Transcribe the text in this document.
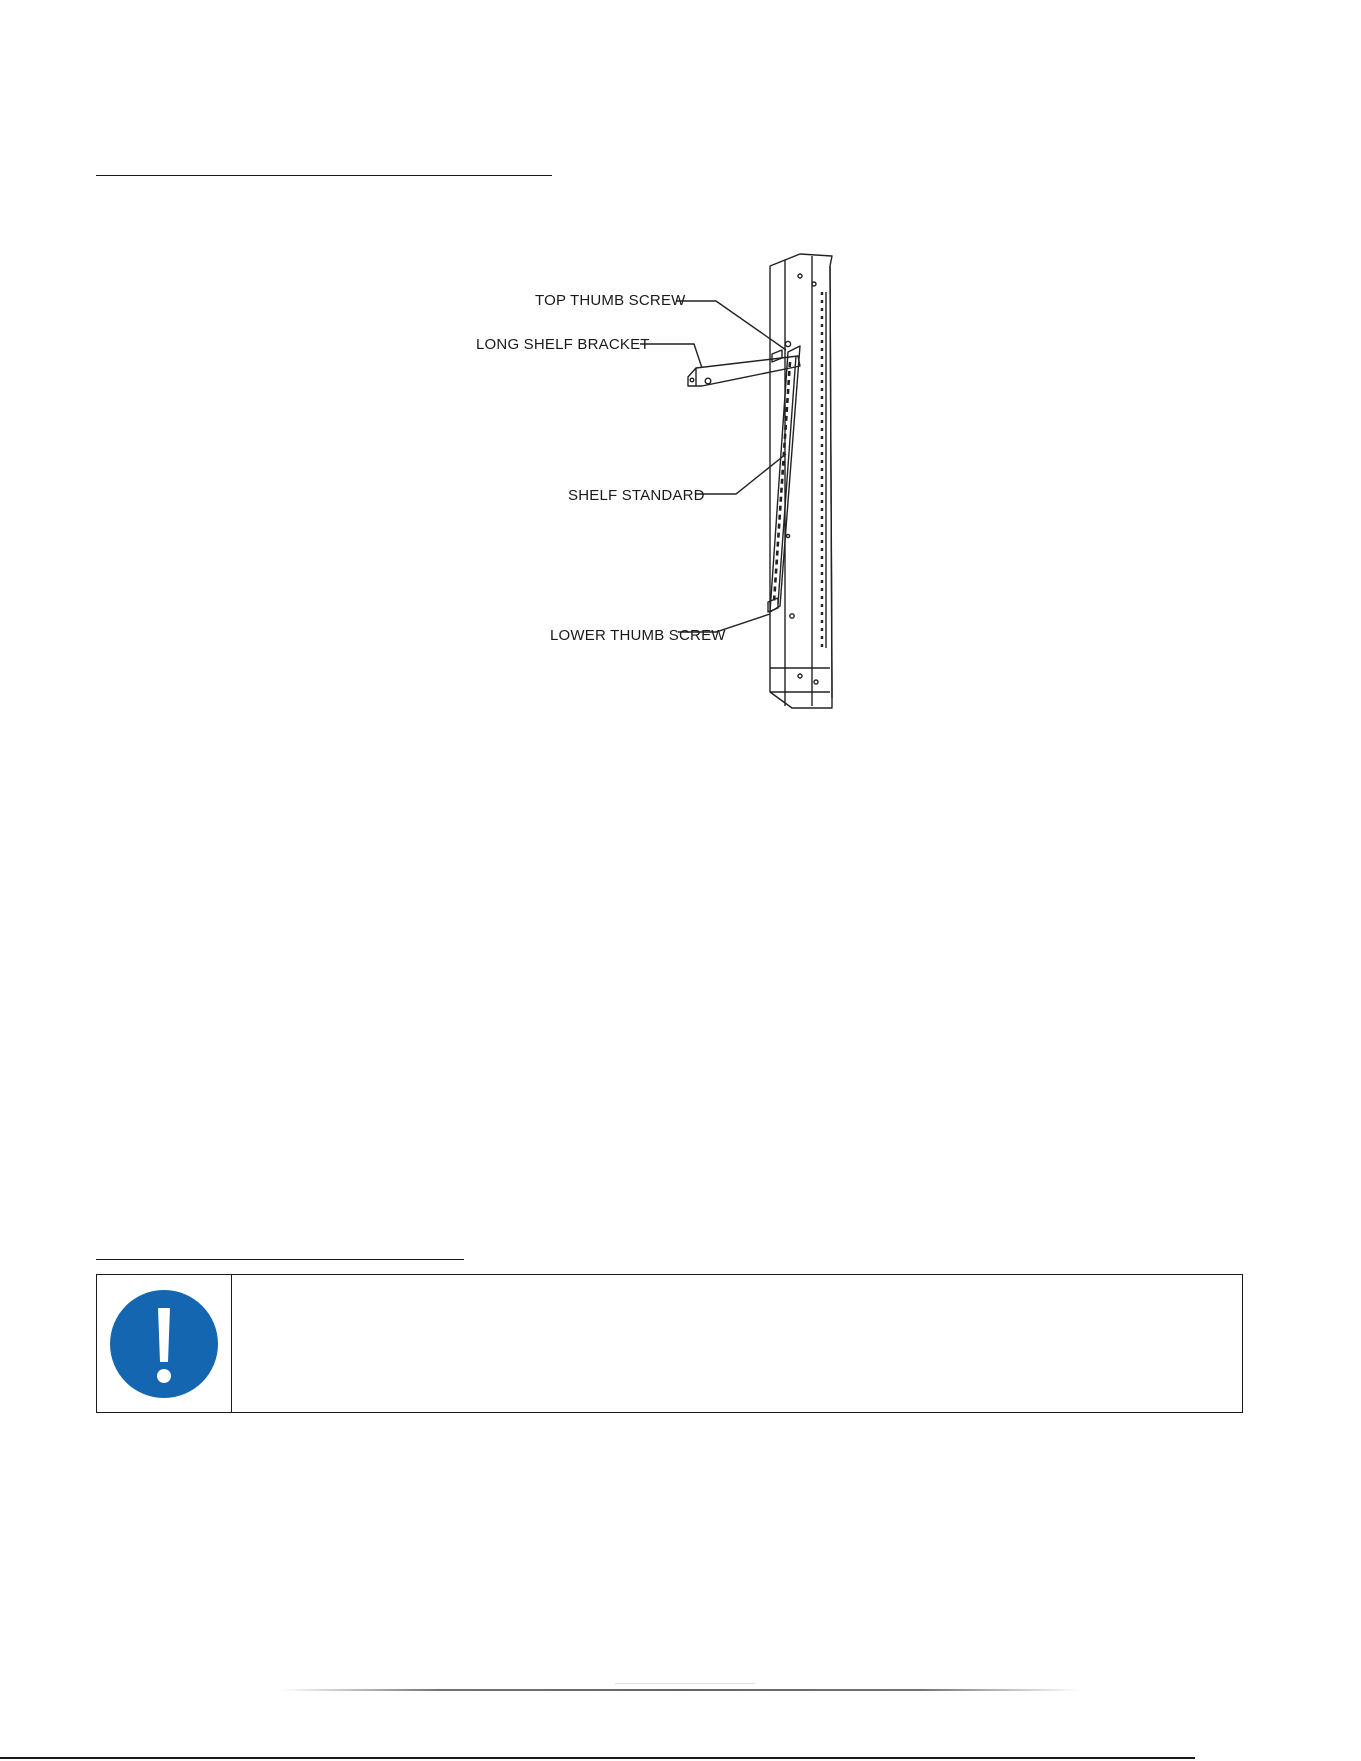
TOP THUMB SCREW
LONG SHELF BRACKET
SHELF STANDARD
LOWER THUMB SCREW
